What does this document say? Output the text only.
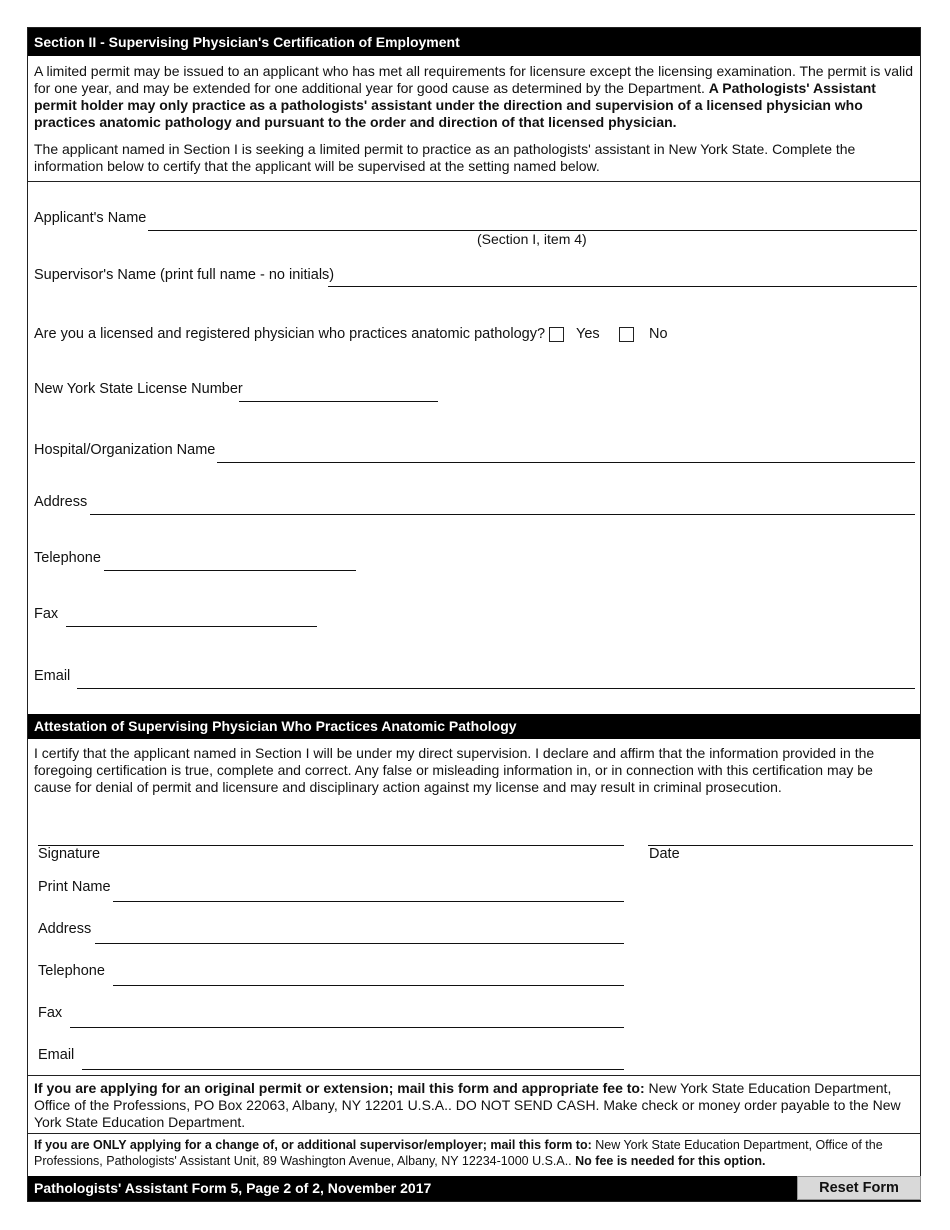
Section II - Supervising Physician's Certification of Employment
A limited permit may be issued to an applicant who has met all requirements for licensure except the licensing examination. The permit is valid for one year, and may be extended for one additional year for good cause as determined by the Department. A Pathologists' Assistant permit holder may only practice as a pathologists' assistant under the direction and supervision of a licensed physician who practices anatomic pathology and pursuant to the order and direction of that licensed physician.
The applicant named in Section I is seeking a limited permit to practice as an pathologists' assistant in New York State. Complete the information below to certify that the applicant will be supervised at the setting named below.
Applicant's Name
(Section I, item 4)
Supervisor's Name (print full name - no initials)
Are you a licensed and registered physician who practices anatomic pathology? Yes	No
New York State License Number
Hospital/Organization Name
Address
Telephone
Fax
Email
Attestation of Supervising Physician Who Practices Anatomic Pathology
I certify that the applicant named in Section I will be under my direct supervision. I declare and affirm that the information provided in the foregoing certification is true, complete and correct. Any false or misleading information in, or in connection with this certification may be cause for denial of permit and licensure and disciplinary action against my license and may result in criminal prosecution.
Signature	Date
Print Name
Address
Telephone
Fax
Email
If you are applying for an original permit or extension; mail this form and appropriate fee to: New York State Education Department, Office of the Professions, PO Box 22063, Albany, NY 12201 U.S.A.. DO NOT SEND CASH. Make check or money order payable to the New York State Education Department.
If you are ONLY applying for a change of, or additional supervisor/employer; mail this form to: New York State Education Department, Office of the Professions, Pathologists' Assistant Unit, 89 Washington Avenue, Albany, NY 12234-1000 U.S.A.. No fee is needed for this option.
Pathologists' Assistant Form 5, Page 2 of 2, November 2017	Reset Form
